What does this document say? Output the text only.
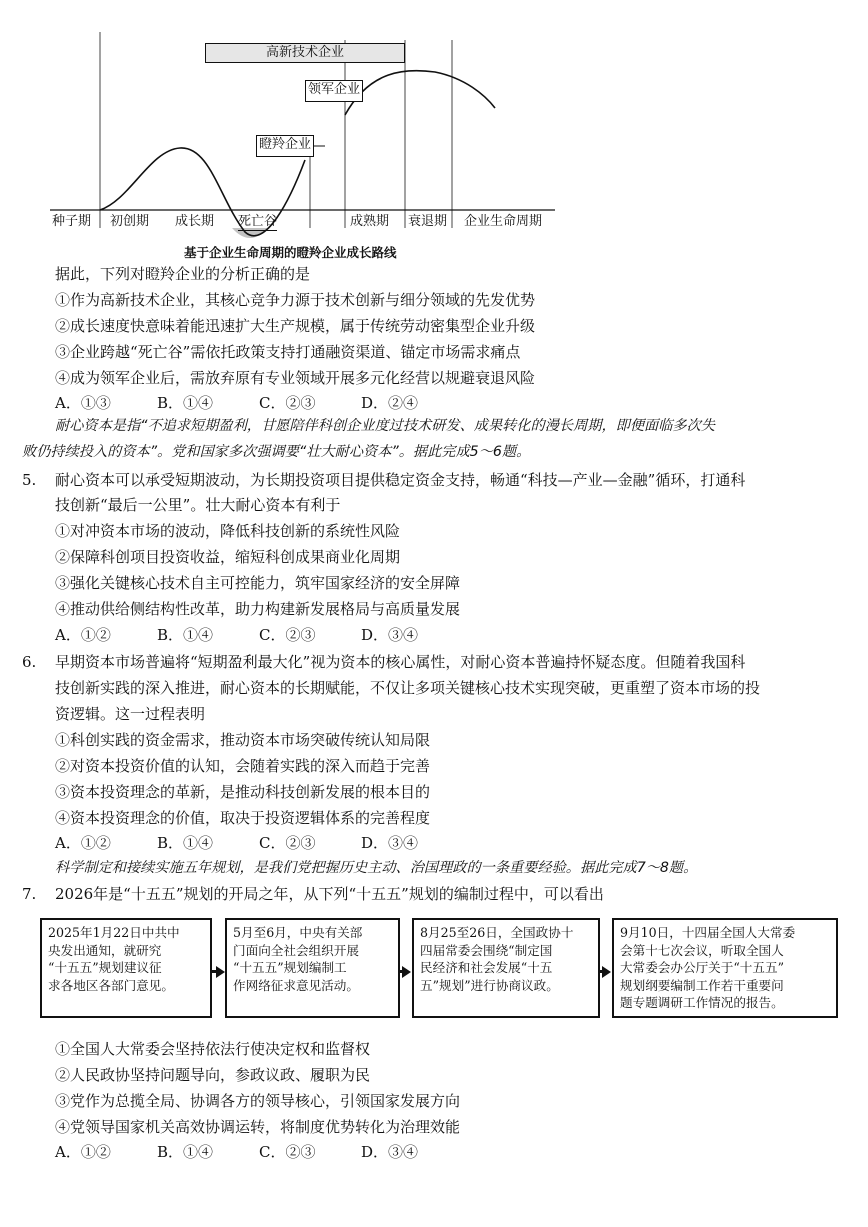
高新技术企业
领军企业
瞪羚企业
种子期 初创期 成长期 死亡谷	成熟期 衰退期 企业生命周期
基于企业生命周期的瞪羚企业成长路线
据此，下列对瞪羚企业的分析正确的是
①作为高新技术企业，其核心竞争力源于技术创新与细分领域的先发优势
②成长速度快意味着能迅速扩大生产规模，属于传统劳动密集型企业升级
③企业跨越“死亡谷”需依托政策支持打通融资渠道、锚定市场需求痛点
④成为领军企业后，需放弃原有专业领域开展多元化经营以规避衰退风险
A．①③	B．①④	C．②③	D．②④
耐心资本是指“不追求短期盈利，甘愿陪伴科创企业度过技术研发、成果转化的漫长周期，即便面临多次失
败仍持续投入的资本”。党和国家多次强调要“壮大耐心资本”。据此完成5～6题。
5. 耐心资本可以承受短期波动，为长期投资项目提供稳定资金支持，畅通“科技—产业—金融”循环，打通科
技创新“最后一公里”。壮大耐心资本有利于
①对冲资本市场的波动，降低科技创新的系统性风险
②保障科创项目投资收益，缩短科创成果商业化周期
③强化关键核心技术自主可控能力，筑牢国家经济的安全屏障
④推动供给侧结构性改革，助力构建新发展格局与高质量发展
A．①②	B．①④	C．②③	D．③④
6. 早期资本市场普遍将“短期盈利最大化”视为资本的核心属性，对耐心资本普遍持怀疑态度。但随着我国科
技创新实践的深入推进，耐心资本的长期赋能，不仅让多项关键核心技术实现突破，更重塑了资本市场的投
资逻辑。这一过程表明
①科创实践的资金需求，推动资本市场突破传统认知局限
②对资本投资价值的认知，会随着实践的深入而趋于完善
③资本投资理念的革新，是推动科技创新发展的根本目的
④资本投资理念的价值，取决于投资逻辑体系的完善程度
A．①②	B．①④	C．②③	D．③④
科学制定和接续实施五年规划，是我们党把握历史主动、治国理政的一条重要经验。据此完成7～8题。
7. 2026年是“十五五”规划的开局之年，从下列“十五五”规划的编制过程中，可以看出
2025年1月22日中共中
央发出通知，就研究
“十五五”规划建议征
求各地区各部门意见。
5月至6月，中央有关部
门面向全社会组织开展
“十五五”规划编制工
作网络征求意见活动。
8月25至26日，全国政协十
四届常委会围绕“制定国
民经济和社会发展“十五
五”规划”进行协商议政。
9月10日，十四届全国人大常委
会第十七次会议，听取全国人
大常委会办公厅关于“十五五”
规划纲要编制工作若干重要问
题专题调研工作情况的报告。
①全国人大常委会坚持依法行使决定权和监督权
②人民政协坚持问题导向，参政议政、履职为民
③党作为总揽全局、协调各方的领导核心，引领国家发展方向
④党领导国家机关高效协调运转，将制度优势转化为治理效能
A．①②	B．①④	C．②③	D．③④
